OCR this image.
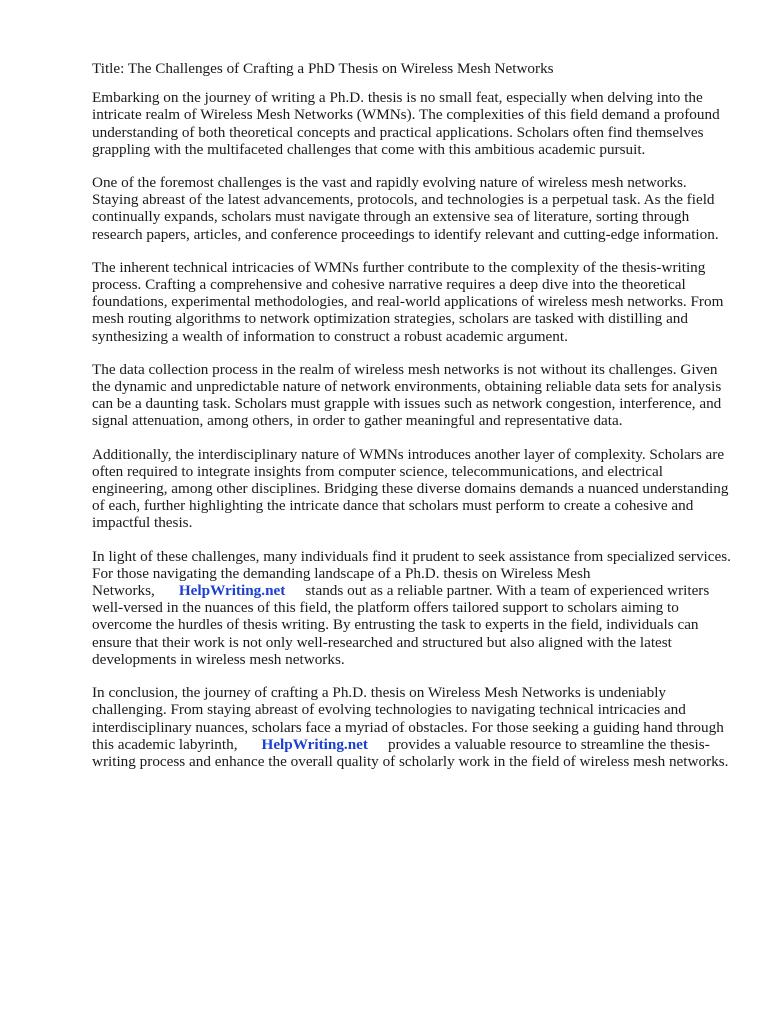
Title: The Challenges of Crafting a PhD Thesis on Wireless Mesh Networks

Embarking on the journey of writing a Ph.D. thesis is no small feat, especially when delving into the intricate realm of Wireless Mesh Networks (WMNs). The complexities of this field demand a profound understanding of both theoretical concepts and practical applications. Scholars often find themselves grappling with the multifaceted challenges that come with this ambitious academic pursuit.

One of the foremost challenges is the vast and rapidly evolving nature of wireless mesh networks. Staying abreast of the latest advancements, protocols, and technologies is a perpetual task. As the field continually expands, scholars must navigate through an extensive sea of literature, sorting through research papers, articles, and conference proceedings to identify relevant and cutting-edge information.

The inherent technical intricacies of WMNs further contribute to the complexity of the thesis-writing process. Crafting a comprehensive and cohesive narrative requires a deep dive into the theoretical foundations, experimental methodologies, and real-world applications of wireless mesh networks. From mesh routing algorithms to network optimization strategies, scholars are tasked with distilling and synthesizing a wealth of information to construct a robust academic argument.

The data collection process in the realm of wireless mesh networks is not without its challenges. Given the dynamic and unpredictable nature of network environments, obtaining reliable data sets for analysis can be a daunting task. Scholars must grapple with issues such as network congestion, interference, and signal attenuation, among others, in order to gather meaningful and representative data.

Additionally, the interdisciplinary nature of WMNs introduces another layer of complexity. Scholars are often required to integrate insights from computer science, telecommunications, and electrical engineering, among other disciplines. Bridging these diverse domains demands a nuanced understanding of each, further highlighting the intricate dance that scholars must perform to create a cohesive and impactful thesis.

In light of these challenges, many individuals find it prudent to seek assistance from specialized services. For those navigating the demanding landscape of a Ph.D. thesis on Wireless Mesh Networks, HelpWriting.net stands out as a reliable partner. With a team of experienced writers well-versed in the nuances of this field, the platform offers tailored support to scholars aiming to overcome the hurdles of thesis writing. By entrusting the task to experts in the field, individuals can ensure that their work is not only well-researched and structured but also aligned with the latest developments in wireless mesh networks.

In conclusion, the journey of crafting a Ph.D. thesis on Wireless Mesh Networks is undeniably challenging. From staying abreast of evolving technologies to navigating technical intricacies and interdisciplinary nuances, scholars face a myriad of obstacles. For those seeking a guiding hand through this academic labyrinth, HelpWriting.net provides a valuable resource to streamline the thesis-writing process and enhance the overall quality of scholarly work in the field of wireless mesh networks.
